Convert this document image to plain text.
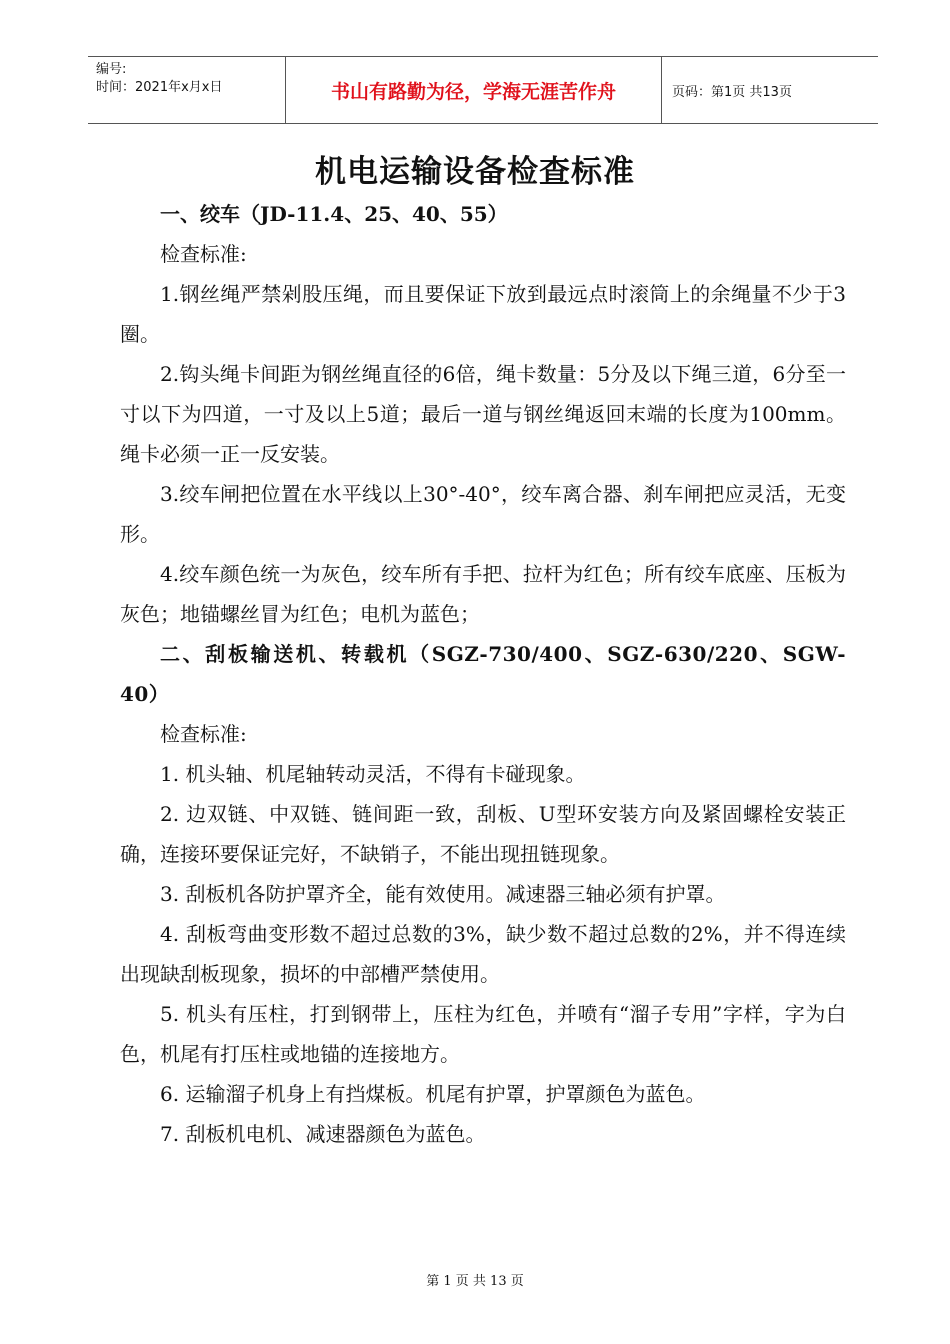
编号:
时间：2021年x月x日	书山有路勤为径，学海无涯苦作舟	页码：第1页 共13页
机电运输设备检查标准

一、绞车（JD-11.4、25、40、55）

检查标准:

1.钢丝绳严禁剁股压绳，而且要保证下放到最远点时滚筒上的余绳量不少于3圈。

2.钩头绳卡间距为钢丝绳直径的6倍，绳卡数量：5分及以下绳三道，6分至一寸以下为四道，一寸及以上5道；最后一道与钢丝绳返回末端的长度为100mm。绳卡必须一正一反安装。

3.绞车闸把位置在水平线以上30°-40°，绞车离合器、刹车闸把应灵活，无变形。

4.绞车颜色统一为灰色，绞车所有手把、拉杆为红色；所有绞车底座、压板为灰色；地锚螺丝冒为红色；电机为蓝色；

二、刮板输送机、转载机（SGZ-730/400、SGZ-630/220、SGW-40）

检查标准:

1. 机头轴、机尾轴转动灵活，不得有卡碰现象。

2. 边双链、中双链、链间距一致，刮板、U型环安装方向及紧固螺栓安装正确，连接环要保证完好，不缺销子，不能出现扭链现象。

3. 刮板机各防护罩齐全，能有效使用。减速器三轴必须有护罩。

4. 刮板弯曲变形数不超过总数的3%，缺少数不超过总数的2%，并不得连续出现缺刮板现象，损坏的中部槽严禁使用。

5. 机头有压柱，打到钢带上，压柱为红色，并喷有“溜子专用”字样，字为白色，机尾有打压柱或地锚的连接地方。

6. 运输溜子机身上有挡煤板。机尾有护罩，护罩颜色为蓝色。

7. 刮板机电机、减速器颜色为蓝色。

第 1 页 共 13 页
